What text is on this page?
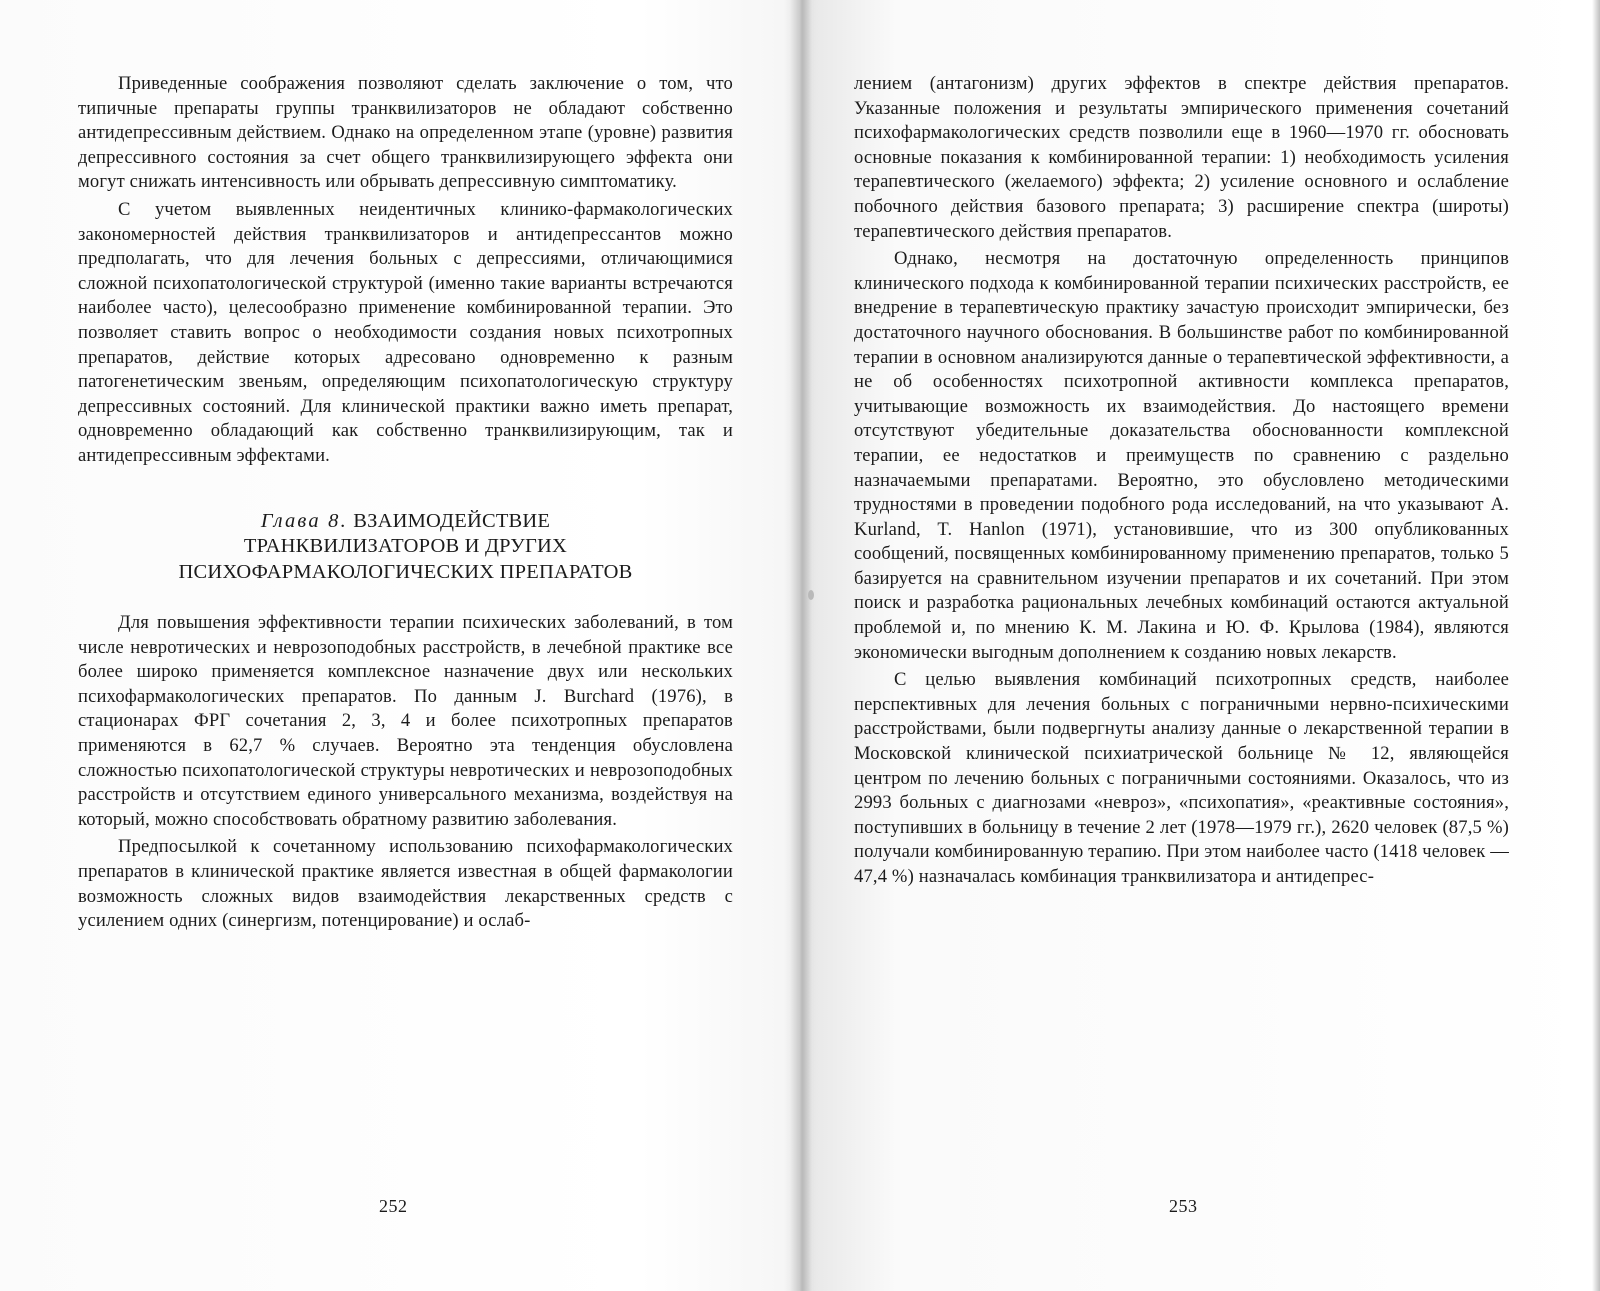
Приведенные соображения позволяют сделать заключение о том, что типичные препараты группы транквилизаторов не обладают собственно антидепрессивным действием. Однако на определенном этапе (уровне) развития депрессивного состояния за счет общего транквилизирующего эффекта они могут снижать интенсивность или обрывать депрессивную симптоматику.

С учетом выявленных неидентичных клинико-фармакологических закономерностей действия транквилизаторов и антидепрессантов можно предполагать, что для лечения больных с депрессиями, отличающимися сложной психопатологической структурой (именно такие варианты встречаются наиболее часто), целесообразно применение комбинированной терапии. Это позволяет ставить вопрос о необходимости создания новых психотропных препаратов, действие которых адресовано одновременно к разным патогенетическим звеньям, определяющим психопатологическую структуру депрессивных состояний. Для клинической практики важно иметь препарат, одновременно обладающий как собственно транквилизирующим, так и антидепрессивным эффектами.

Глава 8. ВЗАИМОДЕЙСТВИЕ
ТРАНКВИЛИЗАТОРОВ И ДРУГИХ
ПСИХОФАРМАКОЛОГИЧЕСКИХ ПРЕПАРАТОВ

Для повышения эффективности терапии психических заболеваний, в том числе невротических и неврозоподобных расстройств, в лечебной практике все более широко применяется комплексное назначение двух или нескольких психофармакологических препаратов. По данным J. Burchard (1976), в стационарах ФРГ сочетания 2, 3, 4 и более психотропных препаратов применяются в 62,7 % случаев. Вероятно эта тенденция обусловлена сложностью психопатологической структуры невротических и неврозоподобных расстройств и отсутствием единого универсального механизма, воздействуя на который, можно способствовать обратному развитию заболевания.

Предпосылкой к сочетанному использованию психофармакологических препаратов в клинической практике является известная в общей фармакологии возможность сложных видов взаимодействия лекарственных средств с усилением одних (синергизм, потенцирование) и ослаб-

252

лением (антагонизм) других эффектов в спектре действия препаратов. Указанные положения и результаты эмпирического применения сочетаний психофармакологических средств позволили еще в 1960—1970 гг. обосновать основные показания к комбинированной терапии: 1) необходимость усиления терапевтического (желаемого) эффекта; 2) усиление основного и ослабление побочного действия базового препарата; 3) расширение спектра (широты) терапевтического действия препаратов.

Однако, несмотря на достаточную определенность принципов клинического подхода к комбинированной терапии психических расстройств, ее внедрение в терапевтическую практику зачастую происходит эмпирически, без достаточного научного обоснования. В большинстве работ по комбинированной терапии в основном анализируются данные о терапевтической эффективности, а не об особенностях психотропной активности комплекса препаратов, учитывающие возможность их взаимодействия. До настоящего времени отсутствуют убедительные доказательства обоснованности комплексной терапии, ее недостатков и преимуществ по сравнению с раздельно назначаемыми препаратами. Вероятно, это обусловлено методическими трудностями в проведении подобного рода исследований, на что указывают A. Kurland, T. Hanlon (1971), установившие, что из 300 опубликованных сообщений, посвященных комбинированному применению препаратов, только 5 базируется на сравнительном изучении препаратов и их сочетаний. При этом поиск и разработка рациональных лечебных комбинаций остаются актуальной проблемой и, по мнению К. М. Лакина и Ю. Ф. Крылова (1984), являются экономически выгодным дополнением к созданию новых лекарств.

С целью выявления комбинаций психотропных средств, наиболее перспективных для лечения больных с пограничными нервно-психическими расстройствами, были подвергнуты анализу данные о лекарственной терапии в Московской клинической психиатрической больнице № 12, являющейся центром по лечению больных с пограничными состояниями. Оказалось, что из 2993 больных с диагнозами «невроз», «психопатия», «реактивные состояния», поступивших в больницу в течение 2 лет (1978—1979 гг.), 2620 человек (87,5 %) получали комбинированную терапию. При этом наиболее часто (1418 человек — 47,4 %) назначалась комбинация транквилизатора и антидепрес-

253
